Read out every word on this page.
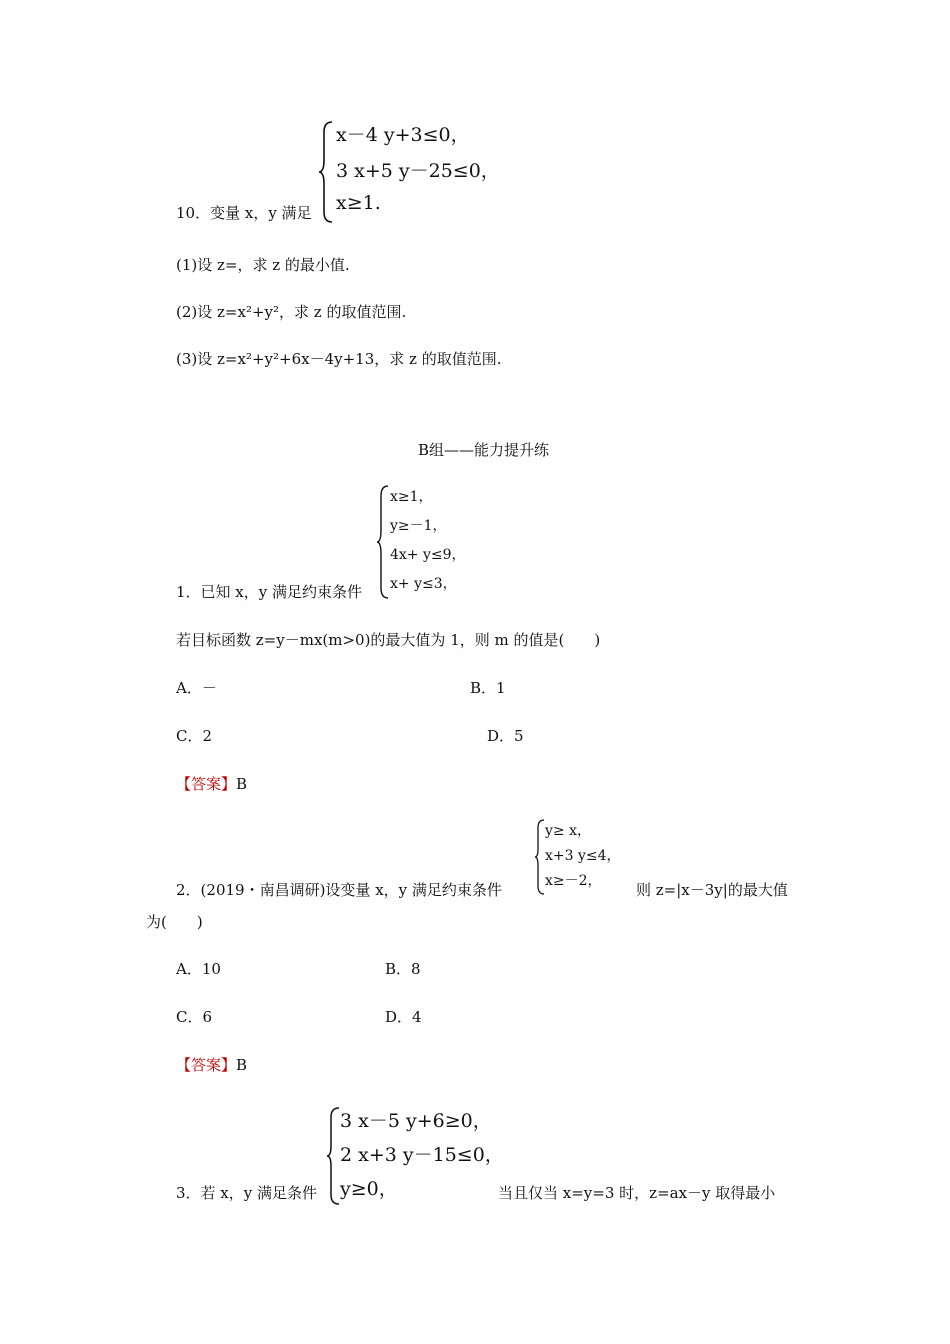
x－4 y+3≤0，
3 x+5 y－25≤0，
x≥1.
10．变量 x，y 满足
(1)设 z=，求 z 的最小值.
(2)设 z=x²+y²，求 z 的取值范围.
(3)设 z=x²+y²+6x－4y+13，求 z 的取值范围.
B组——能力提升练
x≥1，
y≥－1，
4x+ y≤9，
x+ y≤3，
1．已知 x，y 满足约束条件
若目标函数 z=y－mx(m>0)的最大值为 1，则 m 的值是(　　)
A．－	B．1
C．2	D．5
【答案】B
y≥ x，
x+3 y≤4，
x≥－2，
2．(2019・南昌调研)设变量 x，y 满足约束条件	则 z=|x－3y|的最大值
为(　　)
A．10	B．8
C．6	D．4
【答案】B
3 x－5 y+6≥0，
2 x+3 y－15≤0，
y≥0，
3．若 x，y 满足条件	当且仅当 x=y=3 时，z=ax－y 取得最小
